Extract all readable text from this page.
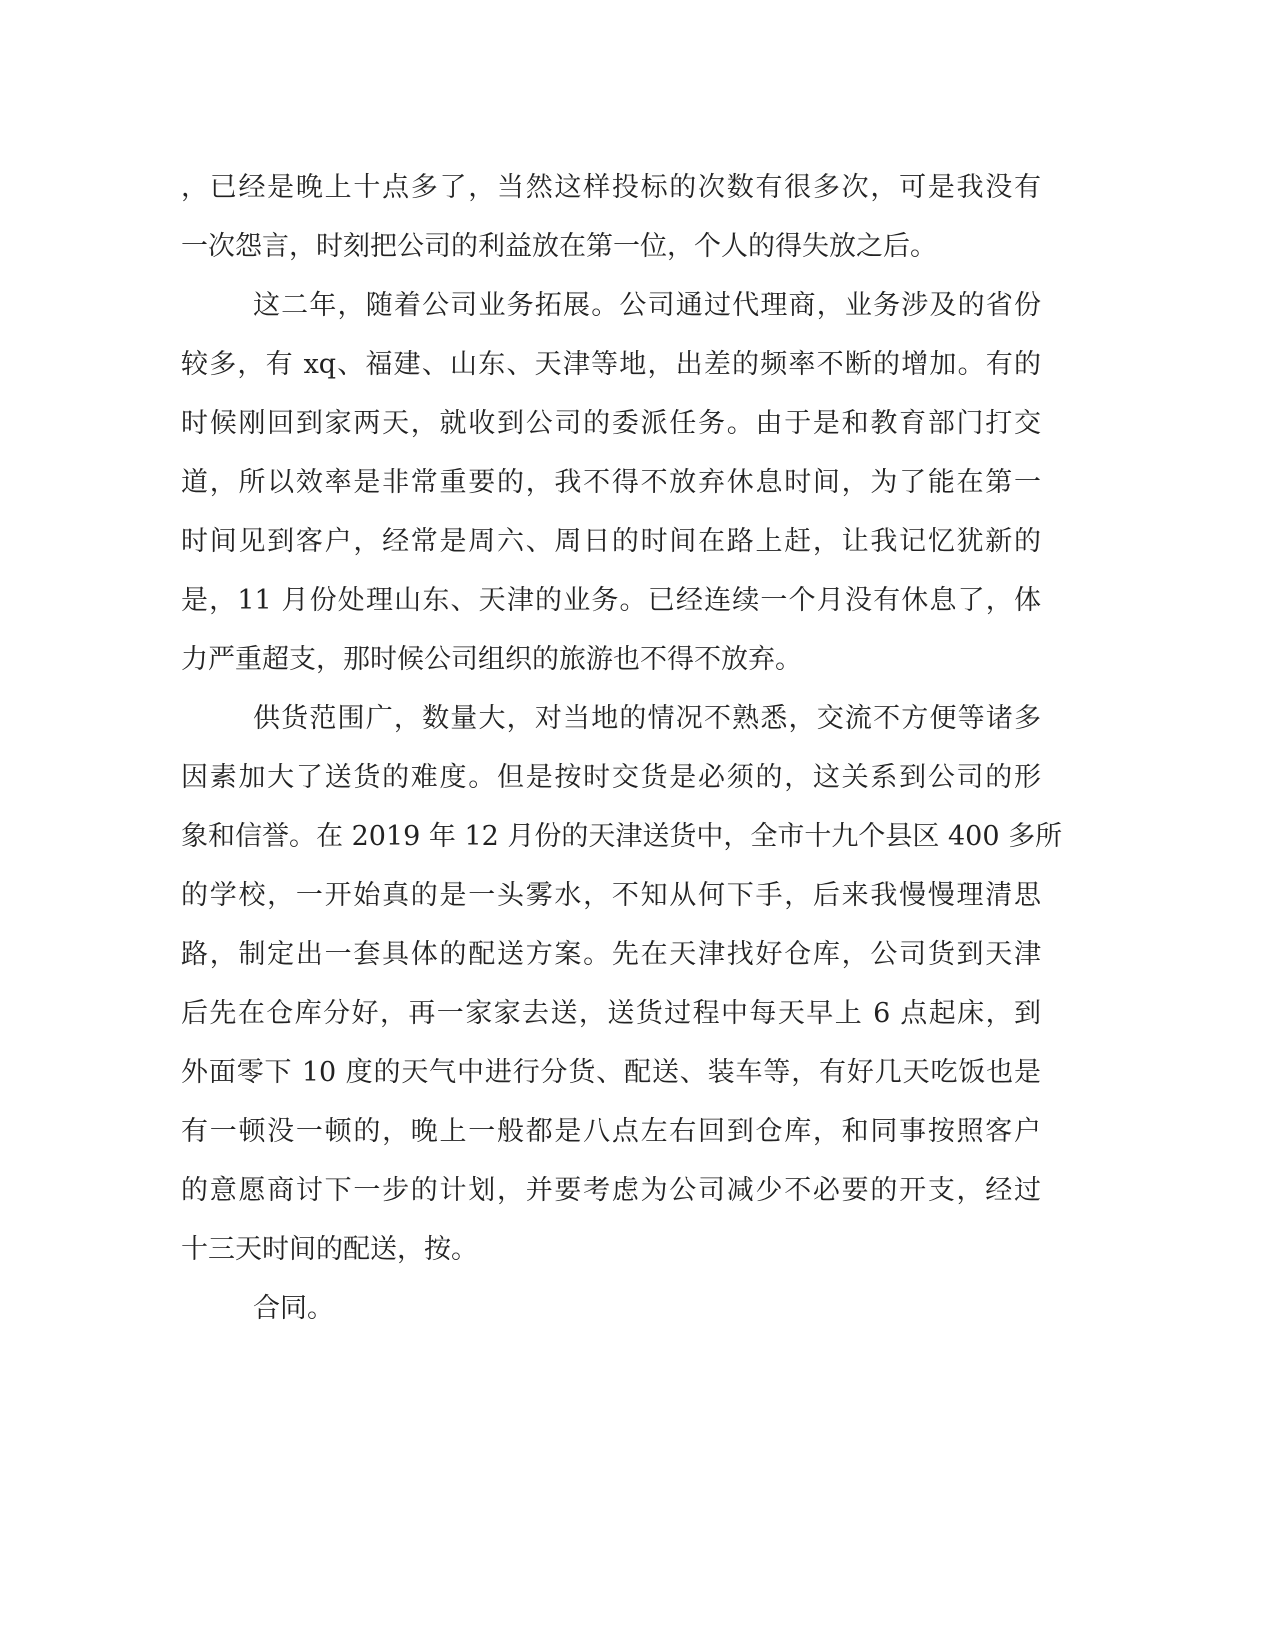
，已经是晚上十点多了，当然这样投标的次数有很多次，可是我没有
一次怨言，时刻把公司的利益放在第一位，个人的得失放之后。
这二年，随着公司业务拓展。公司通过代理商，业务涉及的省份
较多，有 xq、福建、山东、天津等地，出差的频率不断的增加。有的
时候刚回到家两天，就收到公司的委派任务。由于是和教育部门打交
道，所以效率是非常重要的，我不得不放弃休息时间，为了能在第一
时间见到客户，经常是周六、周日的时间在路上赶，让我记忆犹新的
是，11 月份处理山东、天津的业务。已经连续一个月没有休息了，体
力严重超支，那时候公司组织的旅游也不得不放弃。
供货范围广，数量大，对当地的情况不熟悉，交流不方便等诸多
因素加大了送货的难度。但是按时交货是必须的，这关系到公司的形
象和信誉。在 2019 年 12 月份的天津送货中，全市十九个县区 400 多所
的学校，一开始真的是一头雾水，不知从何下手，后来我慢慢理清思
路，制定出一套具体的配送方案。先在天津找好仓库，公司货到天津
后先在仓库分好，再一家家去送，送货过程中每天早上 6 点起床，到
外面零下 10 度的天气中进行分货、配送、装车等，有好几天吃饭也是
有一顿没一顿的，晚上一般都是八点左右回到仓库，和同事按照客户
的意愿商讨下一步的计划，并要考虑为公司减少不必要的开支，经过
十三天时间的配送，按。
合同。
